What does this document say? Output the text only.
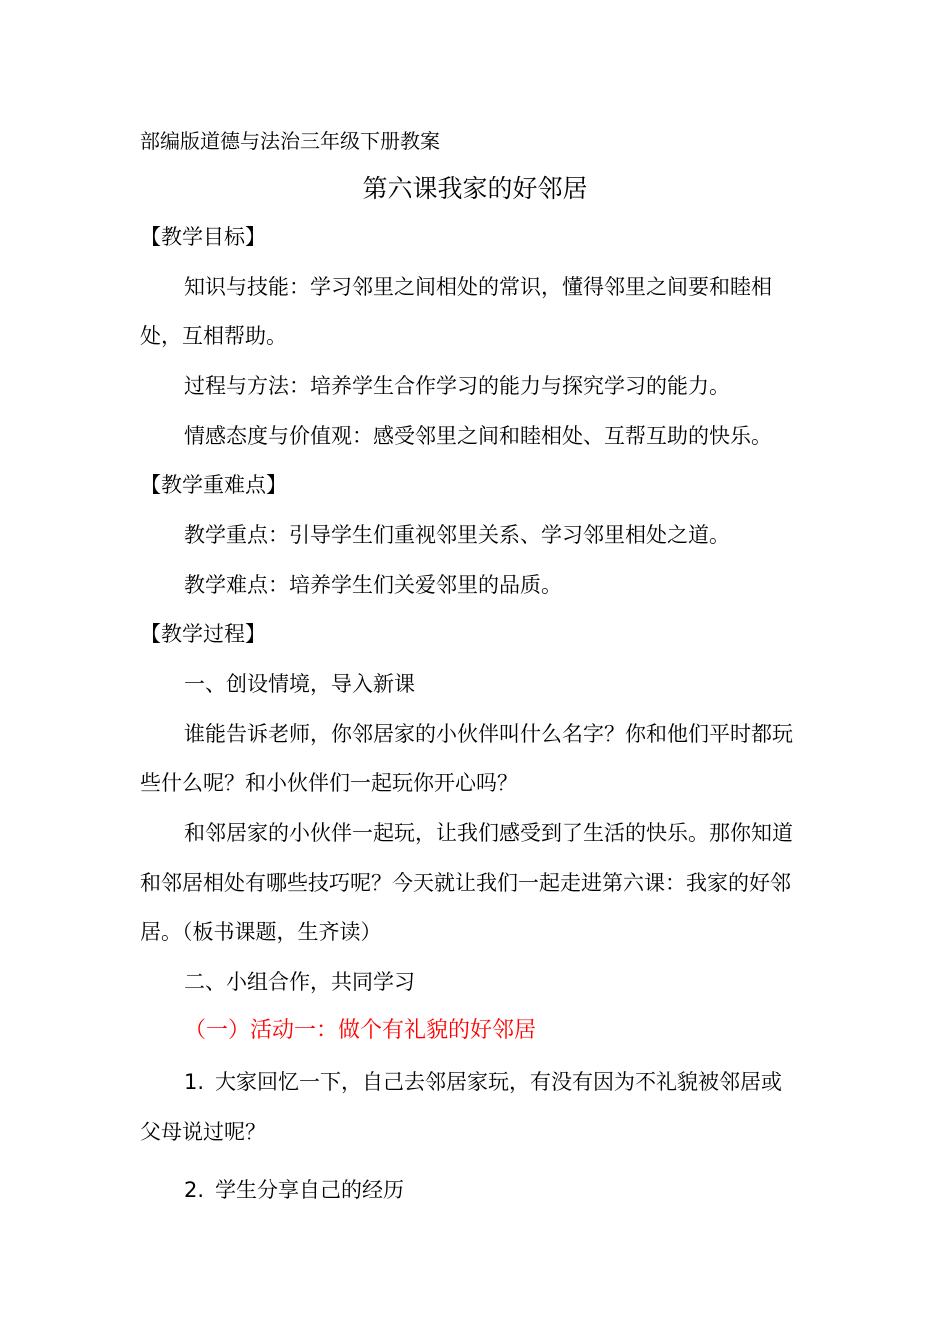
部编版道德与法治三年级下册教案
第六课我家的好邻居
【教学目标】
知识与技能：学习邻里之间相处的常识，懂得邻里之间要和睦相
处，互相帮助。
过程与方法：培养学生合作学习的能力与探究学习的能力。
情感态度与价值观：感受邻里之间和睦相处、互帮互助的快乐。
【教学重难点】
教学重点：引导学生们重视邻里关系、学习邻里相处之道。
教学难点：培养学生们关爱邻里的品质。
【教学过程】
一、创设情境，导入新课
谁能告诉老师，你邻居家的小伙伴叫什么名字？你和他们平时都玩
些什么呢？和小伙伴们一起玩你开心吗？
和邻居家的小伙伴一起玩，让我们感受到了生活的快乐。那你知道
和邻居相处有哪些技巧呢？今天就让我们一起走进第六课：我家的好邻
居。（板书课题，生齐读）
二、小组合作，共同学习
（一）活动一：做个有礼貌的好邻居
1. 大家回忆一下，自己去邻居家玩，有没有因为不礼貌被邻居或
父母说过呢？
2. 学生分享自己的经历
